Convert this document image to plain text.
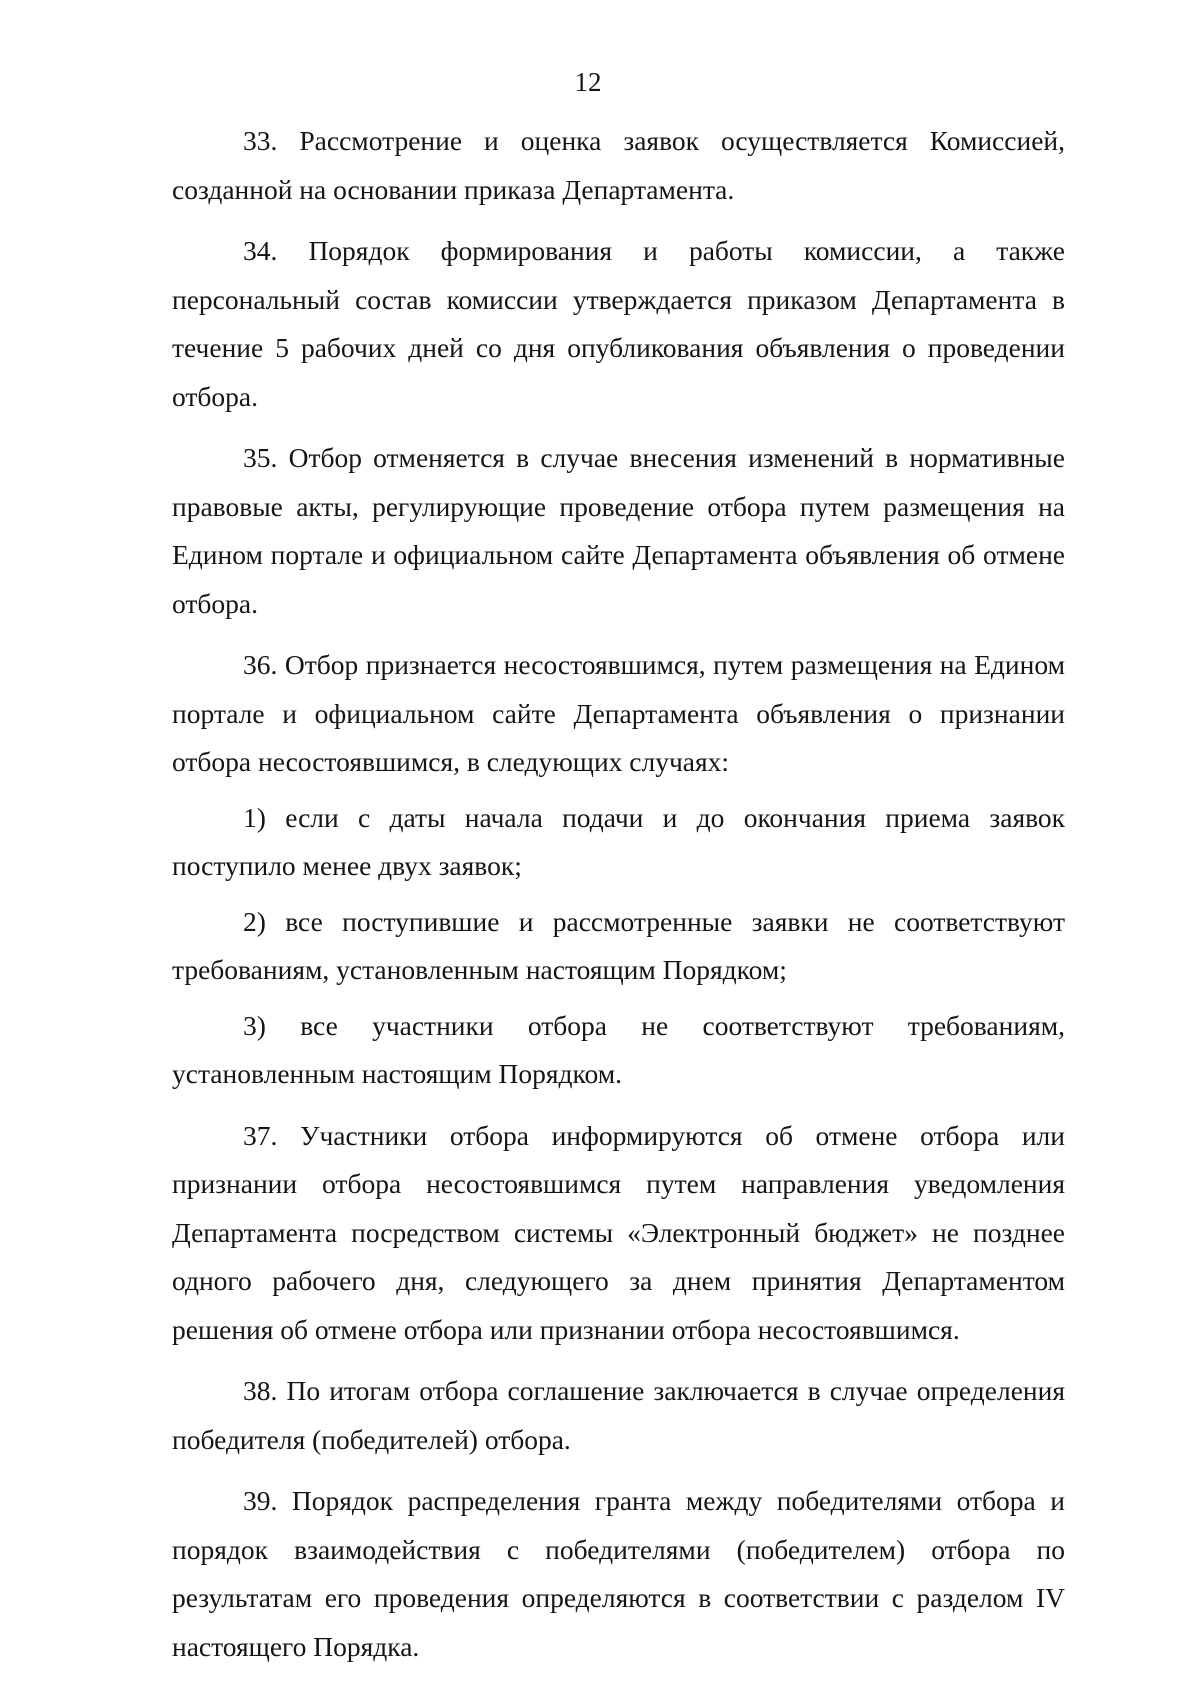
12

33. Рассмотрение и оценка заявок осуществляется Комиссией, созданной на основании приказа Департамента.

34. Порядок формирования и работы комиссии, а также персональный состав комиссии утверждается приказом Департамента в течение 5 рабочих дней со дня опубликования объявления о проведении отбора.

35. Отбор отменяется в случае внесения изменений в нормативные правовые акты, регулирующие проведение отбора путем размещения на Едином портале и официальном сайте Департамента объявления об отмене отбора.

36. Отбор признается несостоявшимся, путем размещения на Едином портале и официальном сайте Департамента объявления о признании отбора несостоявшимся, в следующих случаях:

1) если с даты начала подачи и до окончания приема заявок поступило менее двух заявок;

2) все поступившие и рассмотренные заявки не соответствуют требованиям, установленным настоящим Порядком;

3) все участники отбора не соответствуют требованиям, установленным настоящим Порядком.

37. Участники отбора информируются об отмене отбора или признании отбора несостоявшимся путем направления уведомления Департамента посредством системы «Электронный бюджет» не позднее одного рабочего дня, следующего за днем принятия Департаментом решения об отмене отбора или признании отбора несостоявшимся.

38. По итогам отбора соглашение заключается в случае определения победителя (победителей) отбора.

39. Порядок распределения гранта между победителями отбора и порядок взаимодействия с победителями (победителем) отбора по результатам его проведения определяются в соответствии с разделом IV настоящего Порядка.
